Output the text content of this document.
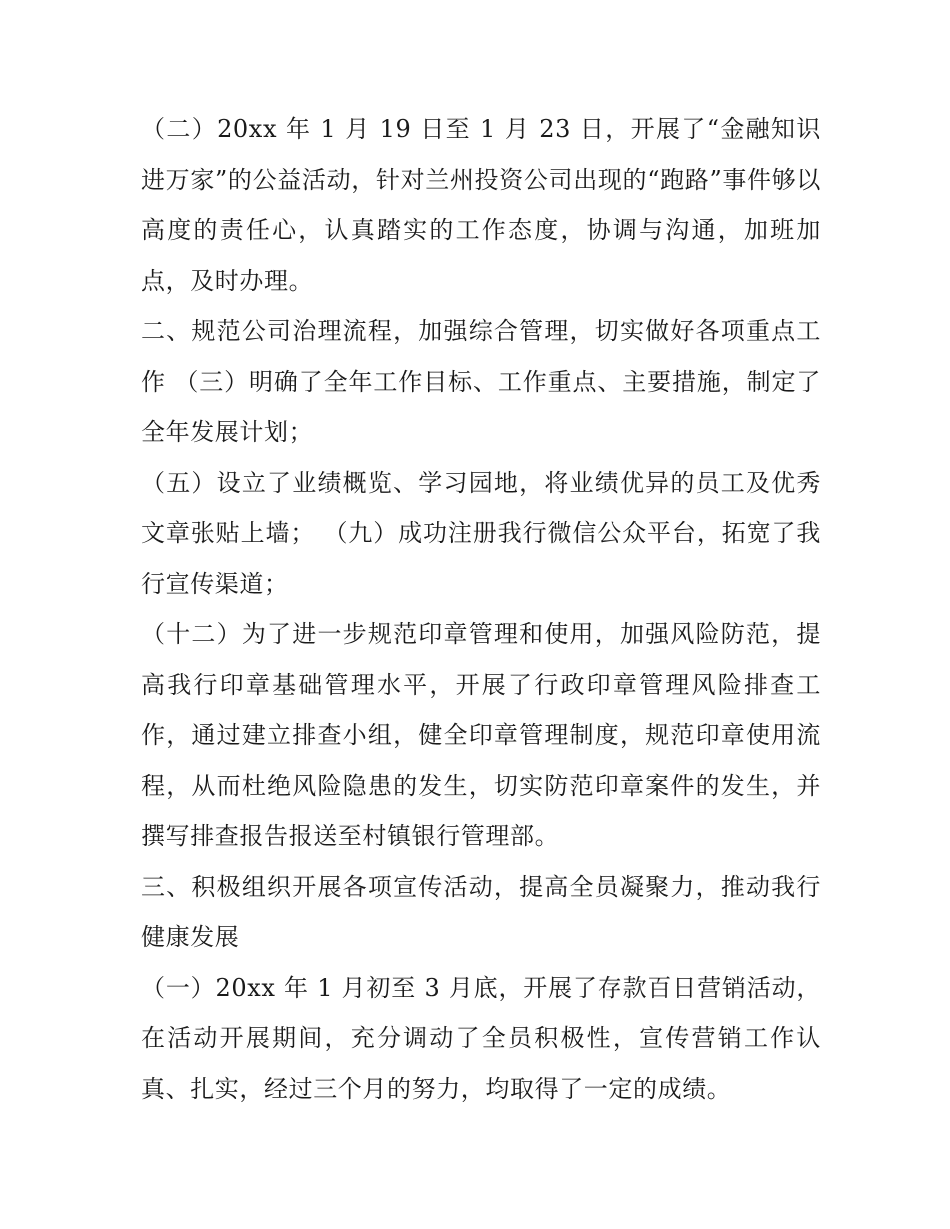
（二）20xx 年 1 月 19 日至 1 月 23 日，开展了“金融知识进万家”的公益活动，针对兰州投资公司出现的“跑路”事件够以高度的责任心，认真踏实的工作态度，协调与沟通，加班加点，及时办理。

二、规范公司治理流程，加强综合管理，切实做好各项重点工作 （三）明确了全年工作目标、工作重点、主要措施，制定了全年发展计划；

（五）设立了业绩概览、学习园地，将业绩优异的员工及优秀文章张贴上墙； （九）成功注册我行微信公众平台，拓宽了我行宣传渠道；

（十二）为了进一步规范印章管理和使用，加强风险防范，提高我行印章基础管理水平，开展了行政印章管理风险排查工作，通过建立排查小组，健全印章管理制度，规范印章使用流程，从而杜绝风险隐患的发生，切实防范印章案件的发生，并撰写排查报告报送至村镇银行管理部。

三、积极组织开展各项宣传活动，提高全员凝聚力，推动我行健康发展

（一）20xx 年 1 月初至 3 月底，开展了存款百日营销活动，在活动开展期间，充分调动了全员积极性，宣传营销工作认真、扎实，经过三个月的努力，均取得了一定的成绩。
